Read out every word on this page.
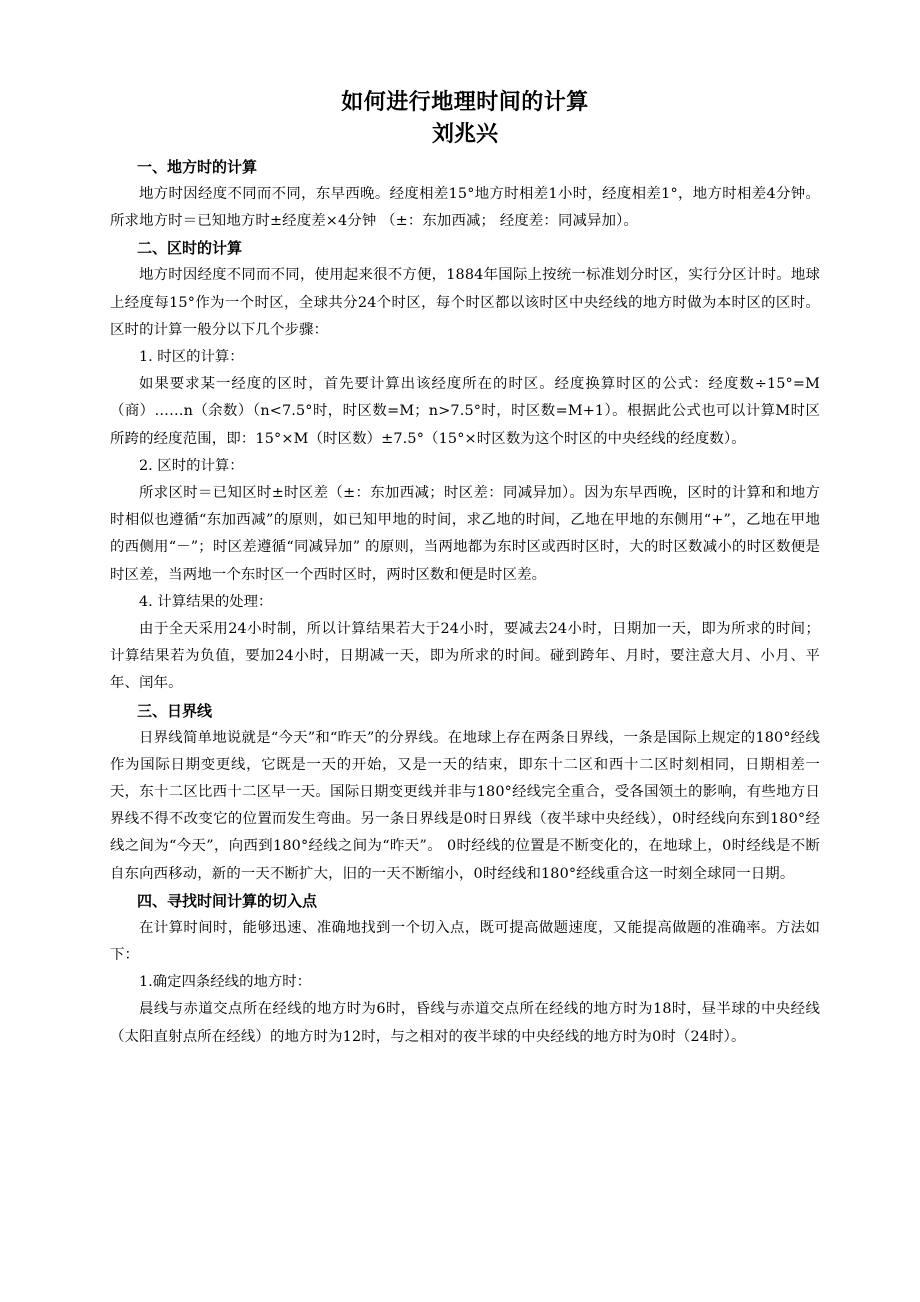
如何进行地理时间的计算
刘兆兴
一、地方时的计算

地方时因经度不同而不同，东早西晚。经度相差15°地方时相差1小时，经度相差1°，地方时相差4分钟。 所求地方时＝已知地方时±经度差×4分钟 （±：东加西减； 经度差：同减异加）。

二、区时的计算

地方时因经度不同而不同，使用起来很不方便，1884年国际上按统一标准划分时区，实行分区计时。地球上经度每15°作为一个时区，全球共分24个时区，每个时区都以该时区中央经线的地方时做为本时区的区时。区时的计算一般分以下几个步骤：

1. 时区的计算：

如果要求某一经度的区时，首先要计算出该经度所在的时区。经度换算时区的公式：经度数÷15°=M（商）……n（余数）（n<7.5°时，时区数=M；n>7.5°时，时区数=M+1）。根据此公式也可以计算M时区所跨的经度范围，即：15°×M（时区数）±7.5°（15°×时区数为这个时区的中央经线的经度数）。

2. 区时的计算：

所求区时＝已知区时±时区差（±：东加西减；时区差：同减异加）。因为东早西晚，区时的计算和和地方时相似也遵循“东加西减”的原则，如已知甲地的时间，求乙地的时间，乙地在甲地的东侧用“+”，乙地在甲地的西侧用“－”；时区差遵循“同减异加” 的原则，当两地都为东时区或西时区时，大的时区数减小的时区数便是时区差，当两地一个东时区一个西时区时，两时区数和便是时区差。

4. 计算结果的处理：

由于全天采用24小时制，所以计算结果若大于24小时，要减去24小时，日期加一天，即为所求的时间；计算结果若为负值，要加24小时，日期减一天，即为所求的时间。碰到跨年、月时，要注意大月、小月、平年、闰年。

三、日界线

日界线简单地说就是“今天”和“昨天”的分界线。在地球上存在两条日界线，一条是国际上规定的180°经线作为国际日期变更线，它既是一天的开始，又是一天的结束，即东十二区和西十二区时刻相同，日期相差一天，东十二区比西十二区早一天。国际日期变更线并非与180°经线完全重合，受各国领土的影响，有些地方日界线不得不改变它的位置而发生弯曲。另一条日界线是0时日界线（夜半球中央经线），0时经线向东到180°经线之间为“今天”，向西到180°经线之间为“昨天”。 0时经线的位置是不断变化的，在地球上，0时经线是不断自东向西移动，新的一天不断扩大，旧的一天不断缩小，0时经线和180°经线重合这一时刻全球同一日期。

四、寻找时间计算的切入点

在计算时间时，能够迅速、准确地找到一个切入点，既可提高做题速度，又能提高做题的准确率。方法如下：

1.确定四条经线的地方时：

晨线与赤道交点所在经线的地方时为6时，昏线与赤道交点所在经线的地方时为18时，昼半球的中央经线（太阳直射点所在经线）的地方时为12时，与之相对的夜半球的中央经线的地方时为0时（24时）。
